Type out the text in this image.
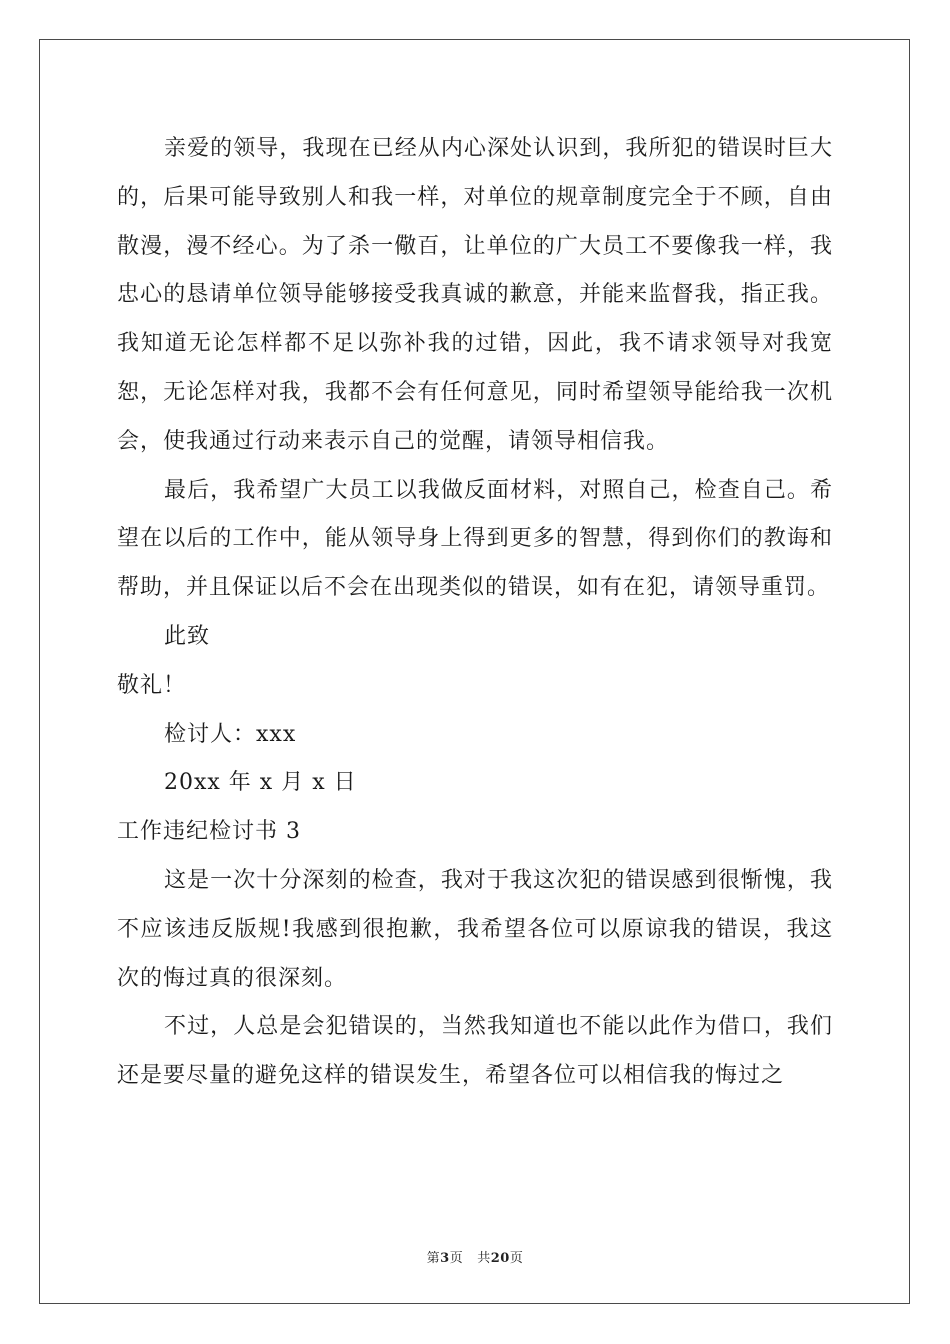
亲爱的领导，我现在已经从内心深处认识到，我所犯的错误时巨大的，后果可能导致别人和我一样，对单位的规章制度完全于不顾，自由散漫，漫不经心。为了杀一儆百，让单位的广大员工不要像我一样，我忠心的恳请单位领导能够接受我真诚的歉意，并能来监督我，指正我。我知道无论怎样都不足以弥补我的过错，因此，我不请求领导对我宽恕，无论怎样对我，我都不会有任何意见，同时希望领导能给我一次机会，使我通过行动来表示自己的觉醒，请领导相信我。

最后，我希望广大员工以我做反面材料，对照自己，检查自己。希望在以后的工作中，能从领导身上得到更多的智慧，得到你们的教诲和帮助，并且保证以后不会在出现类似的错误，如有在犯，请领导重罚。

此致

敬礼！

检讨人：xxx

20xx 年 x 月 x 日

工作违纪检讨书 3

这是一次十分深刻的检查，我对于我这次犯的错误感到很惭愧，我不应该违反版规!我感到很抱歉，我希望各位可以原谅我的错误，我这次的悔过真的很深刻。

不过，人总是会犯错误的，当然我知道也不能以此作为借口，我们还是要尽量的避免这样的错误发生，希望各位可以相信我的悔过之

第3页 共20页
